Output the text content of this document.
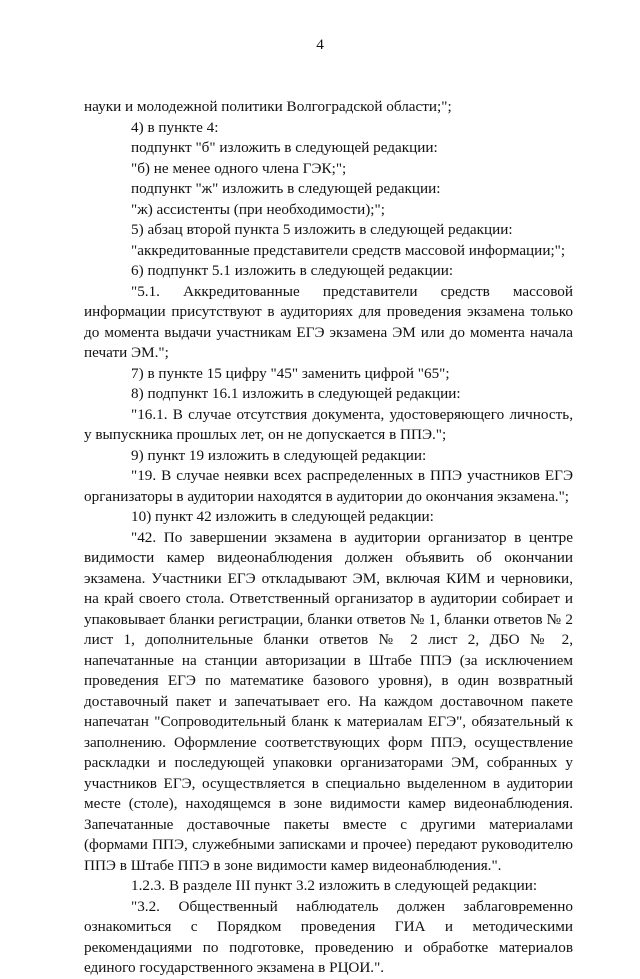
4

науки и молодежной политики Волгоградской области;";

4) в пункте 4:

подпункт "б" изложить в следующей редакции:

"б) не менее одного члена ГЭК;";

подпункт "ж" изложить в следующей редакции:

"ж) ассистенты (при необходимости);";

5) абзац второй пункта 5 изложить в следующей редакции:

"аккредитованные представители средств массовой информации;";

6) подпункт 5.1 изложить в следующей редакции:

"5.1. Аккредитованные представители средств массовой информации присутствуют в аудиториях для проведения экзамена только до момента выдачи участникам ЕГЭ экзамена ЭМ или до момента начала печати ЭМ.";

7) в пункте 15 цифру "45" заменить цифрой "65";

8) подпункт 16.1 изложить в следующей редакции:

"16.1. В случае отсутствия документа, удостоверяющего личность, у выпускника прошлых лет, он не допускается в ППЭ.";

9) пункт 19 изложить в следующей редакции:

"19. В случае неявки всех распределенных в ППЭ участников ЕГЭ организаторы в аудитории находятся в аудитории до окончания экзамена.";

10) пункт 42 изложить в следующей редакции:

"42. По завершении экзамена в аудитории организатор в центре видимости камер видеонаблюдения должен объявить об окончании экзамена. Участники ЕГЭ откладывают ЭМ, включая КИМ и черновики, на край своего стола. Ответственный организатор в аудитории собирает и упаковывает бланки регистрации, бланки ответов № 1, бланки ответов № 2 лист 1, дополнительные бланки ответов № 2 лист 2, ДБО № 2, напечатанные на станции авторизации в Штабе ППЭ (за исключением проведения ЕГЭ по математике базового уровня), в один возвратный доставочный пакет и запечатывает его. На каждом доставочном пакете напечатан "Сопроводительный бланк к материалам ЕГЭ", обязательный к заполнению. Оформление соответствующих форм ППЭ, осуществление раскладки и последующей упаковки организаторами ЭМ, собранных у участников ЕГЭ, осуществляется в специально выделенном в аудитории месте (столе), находящемся в зоне видимости камер видеонаблюдения. Запечатанные доставочные пакеты вместе с другими материалами (формами ППЭ, служебными записками и прочее) передают руководителю ППЭ в Штабе ППЭ в зоне видимости камер видеонаблюдения.".

1.2.3. В разделе III пункт 3.2 изложить в следующей редакции:

"3.2. Общественный наблюдатель должен заблаговременно ознакомиться с Порядком проведения ГИА и методическими рекомендациями по подготовке, проведению и обработке материалов единого государственного экзамена в РЦОИ.".
